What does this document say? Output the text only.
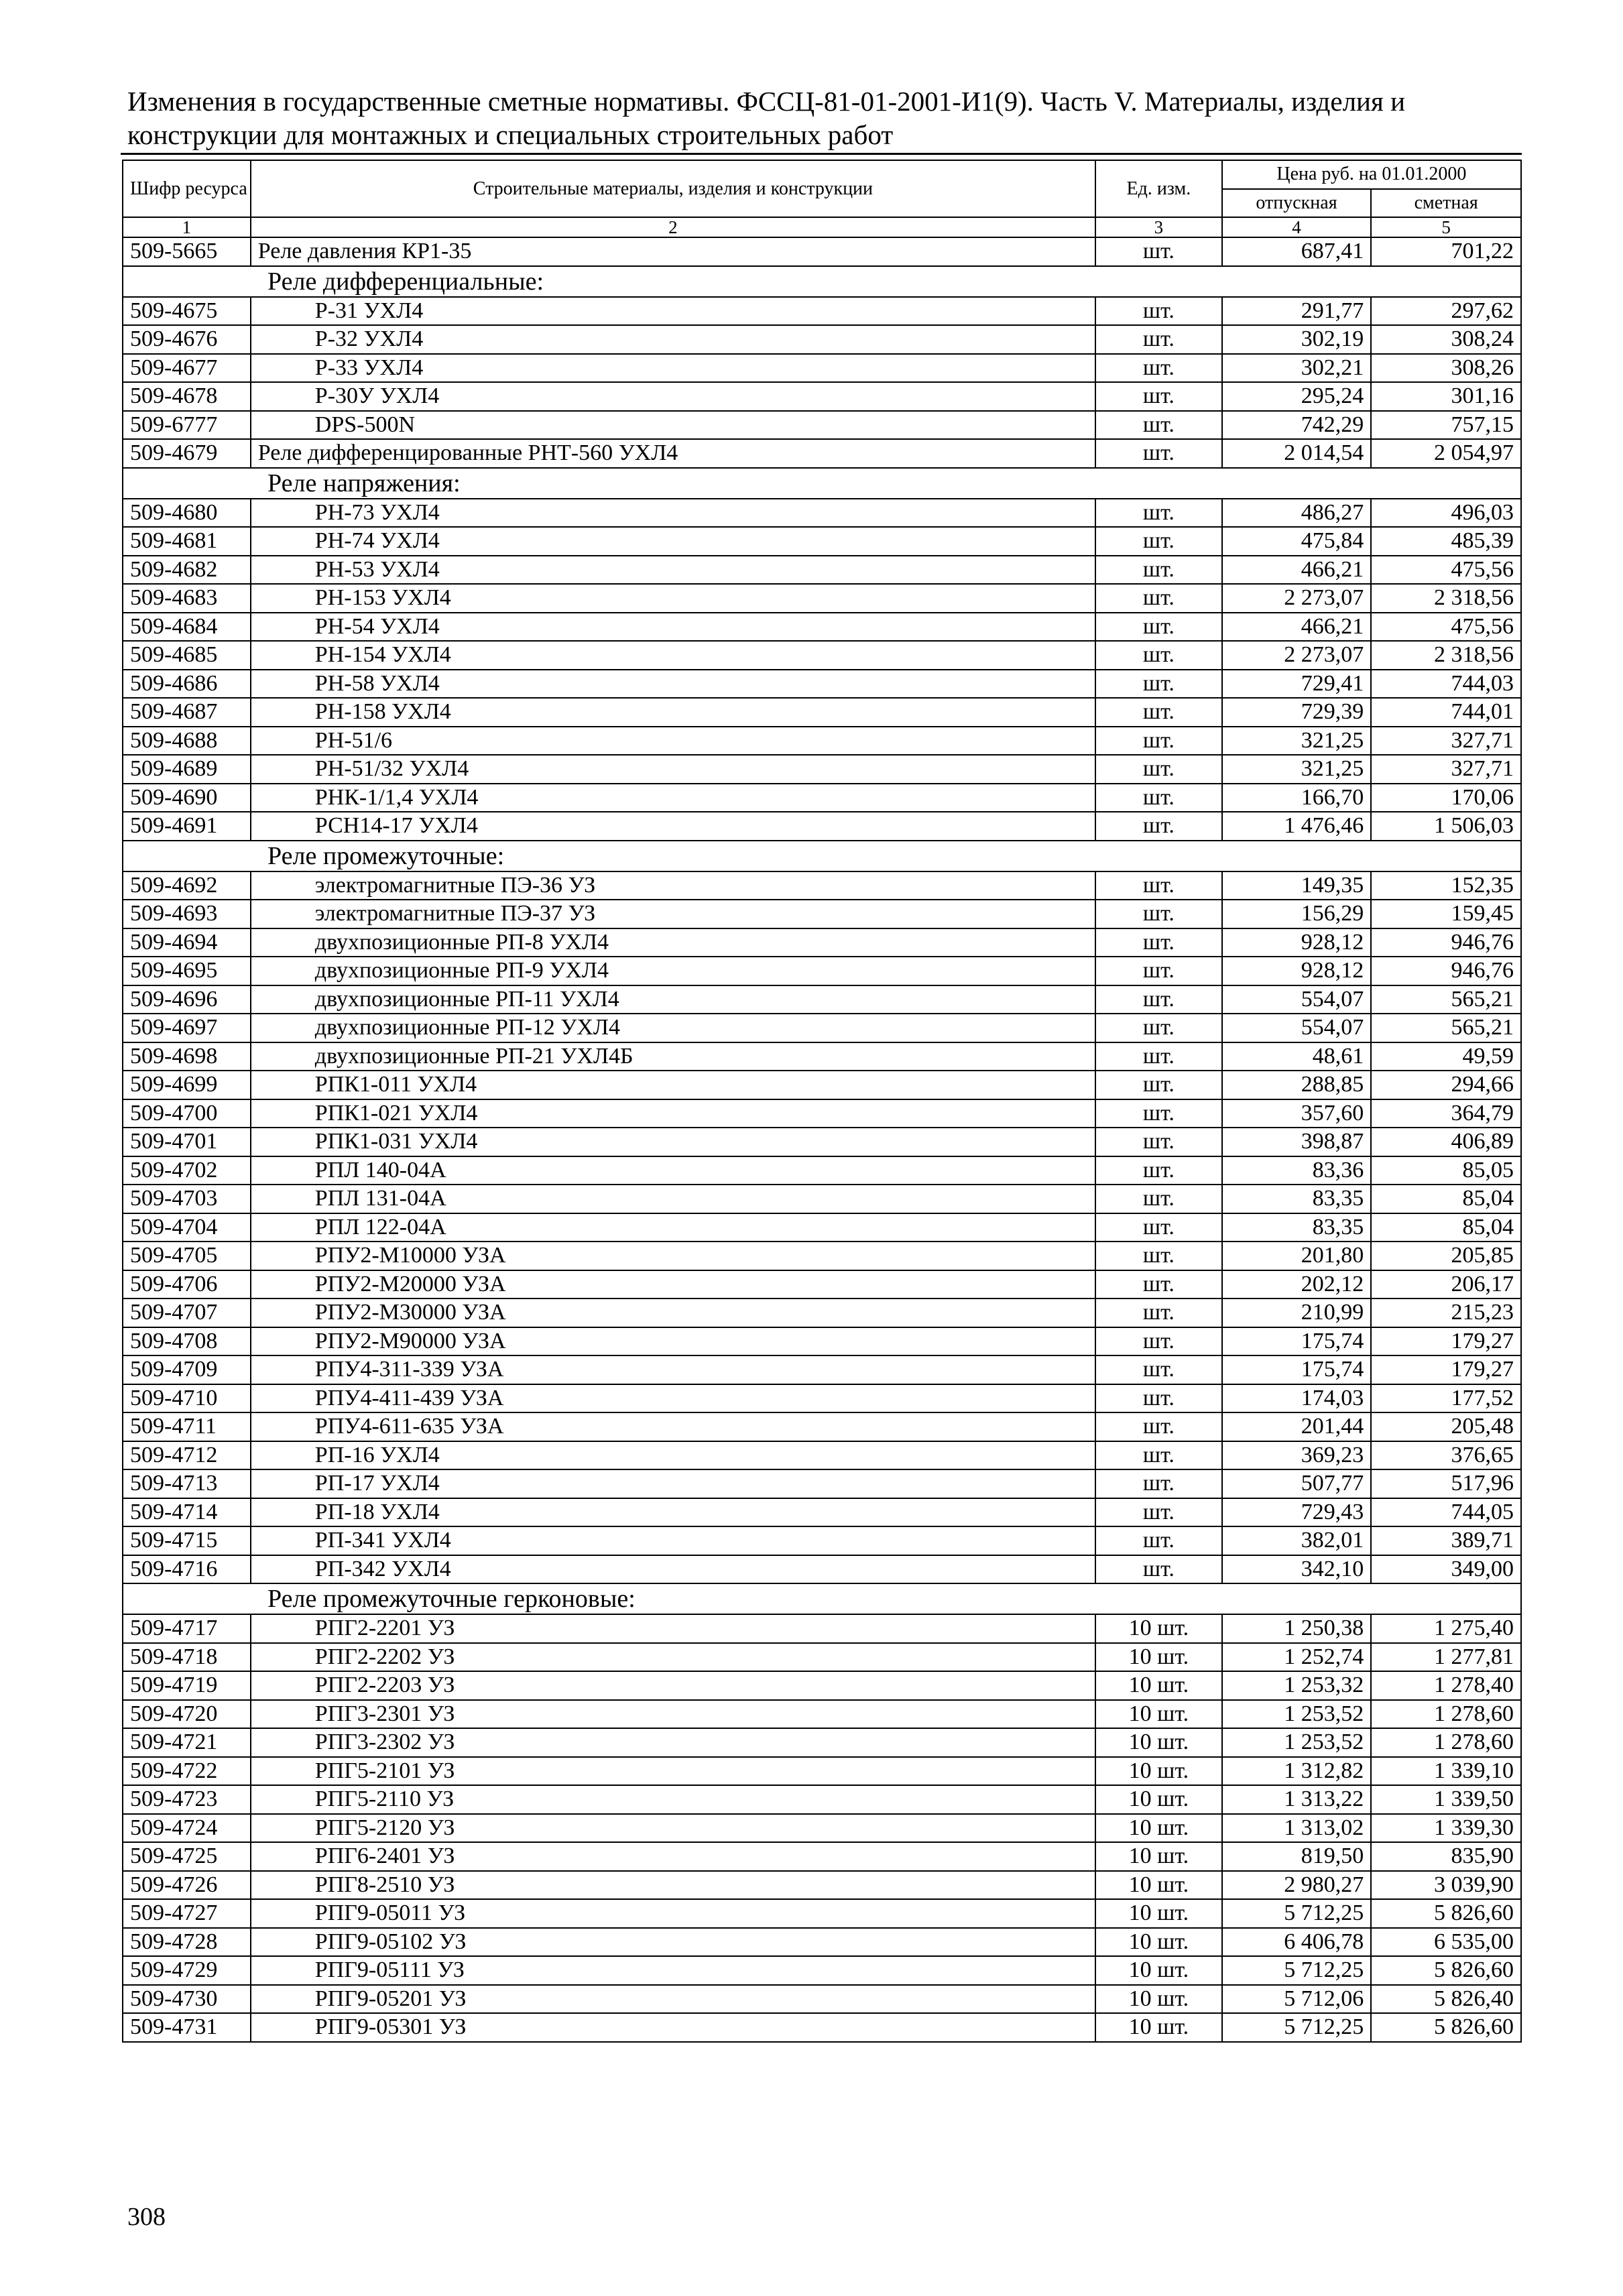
Изменения в государственные сметные нормативы. ФССЦ-81-01-2001-И1(9). Часть V. Материалы, изделия и
конструкции для монтажных и специальных строительных работ
Шифр ресурса	Строительные материалы, изделия и конструкции	Ед. изм.	Цена руб. на 01.01.2000	
			отпускная	сметная
1	2	3	4	5
509-5665	Реле давления КР1-35	шт.	687,41	701,22
Реле дифференциальные:				
509-4675	Р-31 УХЛ4	шт.	291,77	297,62
509-4676	Р-32 УХЛ4	шт.	302,19	308,24
509-4677	Р-33 УХЛ4	шт.	302,21	308,26
509-4678	Р-30У УХЛ4	шт.	295,24	301,16
509-6777	DPS-500N	шт.	742,29	757,15
509-4679	Реле дифференцированные РНТ-560 УХЛ4	шт.	2 014,54	2 054,97
Реле напряжения:				
509-4680	РН-73 УХЛ4	шт.	486,27	496,03
509-4681	РН-74 УХЛ4	шт.	475,84	485,39
509-4682	РН-53 УХЛ4	шт.	466,21	475,56
509-4683	РН-153 УХЛ4	шт.	2 273,07	2 318,56
509-4684	РН-54 УХЛ4	шт.	466,21	475,56
509-4685	РН-154 УХЛ4	шт.	2 273,07	2 318,56
509-4686	РН-58 УХЛ4	шт.	729,41	744,03
509-4687	РН-158 УХЛ4	шт.	729,39	744,01
509-4688	РН-51/6	шт.	321,25	327,71
509-4689	РН-51/32 УХЛ4	шт.	321,25	327,71
509-4690	РНК-1/1,4 УХЛ4	шт.	166,70	170,06
509-4691	РСН14-17 УХЛ4	шт.	1 476,46	1 506,03
Реле промежуточные:				
509-4692	электромагнитные ПЭ-36 УЗ	шт.	149,35	152,35
509-4693	электромагнитные ПЭ-37 УЗ	шт.	156,29	159,45
509-4694	двухпозиционные РП-8 УХЛ4	шт.	928,12	946,76
509-4695	двухпозиционные РП-9 УХЛ4	шт.	928,12	946,76
509-4696	двухпозиционные РП-11 УХЛ4	шт.	554,07	565,21
509-4697	двухпозиционные РП-12 УХЛ4	шт.	554,07	565,21
509-4698	двухпозиционные РП-21 УХЛ4Б	шт.	48,61	49,59
509-4699	РПК1-011 УХЛ4	шт.	288,85	294,66
509-4700	РПК1-021 УХЛ4	шт.	357,60	364,79
509-4701	РПК1-031 УХЛ4	шт.	398,87	406,89
509-4702	РПЛ 140-04А	шт.	83,36	85,05
509-4703	РПЛ 131-04А	шт.	83,35	85,04
509-4704	РПЛ 122-04А	шт.	83,35	85,04
509-4705	РПУ2-М10000 УЗА	шт.	201,80	205,85
509-4706	РПУ2-М20000 УЗА	шт.	202,12	206,17
509-4707	РПУ2-М30000 УЗА	шт.	210,99	215,23
509-4708	РПУ2-М90000 УЗА	шт.	175,74	179,27
509-4709	РПУ4-311-339 УЗА	шт.	175,74	179,27
509-4710	РПУ4-411-439 УЗА	шт.	174,03	177,52
509-4711	РПУ4-611-635 УЗА	шт.	201,44	205,48
509-4712	РП-16 УХЛ4	шт.	369,23	376,65
509-4713	РП-17 УХЛ4	шт.	507,77	517,96
509-4714	РП-18 УХЛ4	шт.	729,43	744,05
509-4715	РП-341 УХЛ4	шт.	382,01	389,71
509-4716	РП-342 УХЛ4	шт.	342,10	349,00
Реле промежуточные герконовые:				
509-4717	РПГ2-2201 УЗ	10 шт.	1 250,38	1 275,40
509-4718	РПГ2-2202 УЗ	10 шт.	1 252,74	1 277,81
509-4719	РПГ2-2203 УЗ	10 шт.	1 253,32	1 278,40
509-4720	РПГ3-2301 УЗ	10 шт.	1 253,52	1 278,60
509-4721	РПГ3-2302 УЗ	10 шт.	1 253,52	1 278,60
509-4722	РПГ5-2101 УЗ	10 шт.	1 312,82	1 339,10
509-4723	РПГ5-2110 УЗ	10 шт.	1 313,22	1 339,50
509-4724	РПГ5-2120 УЗ	10 шт.	1 313,02	1 339,30
509-4725	РПГ6-2401 УЗ	10 шт.	819,50	835,90
509-4726	РПГ8-2510 УЗ	10 шт.	2 980,27	3 039,90
509-4727	РПГ9-05011 УЗ	10 шт.	5 712,25	5 826,60
509-4728	РПГ9-05102 УЗ	10 шт.	6 406,78	6 535,00
509-4729	РПГ9-05111 УЗ	10 шт.	5 712,25	5 826,60
509-4730	РПГ9-05201 УЗ	10 шт.	5 712,06	5 826,40
509-4731	РПГ9-05301 УЗ	10 шт.	5 712,25	5 826,60
308
